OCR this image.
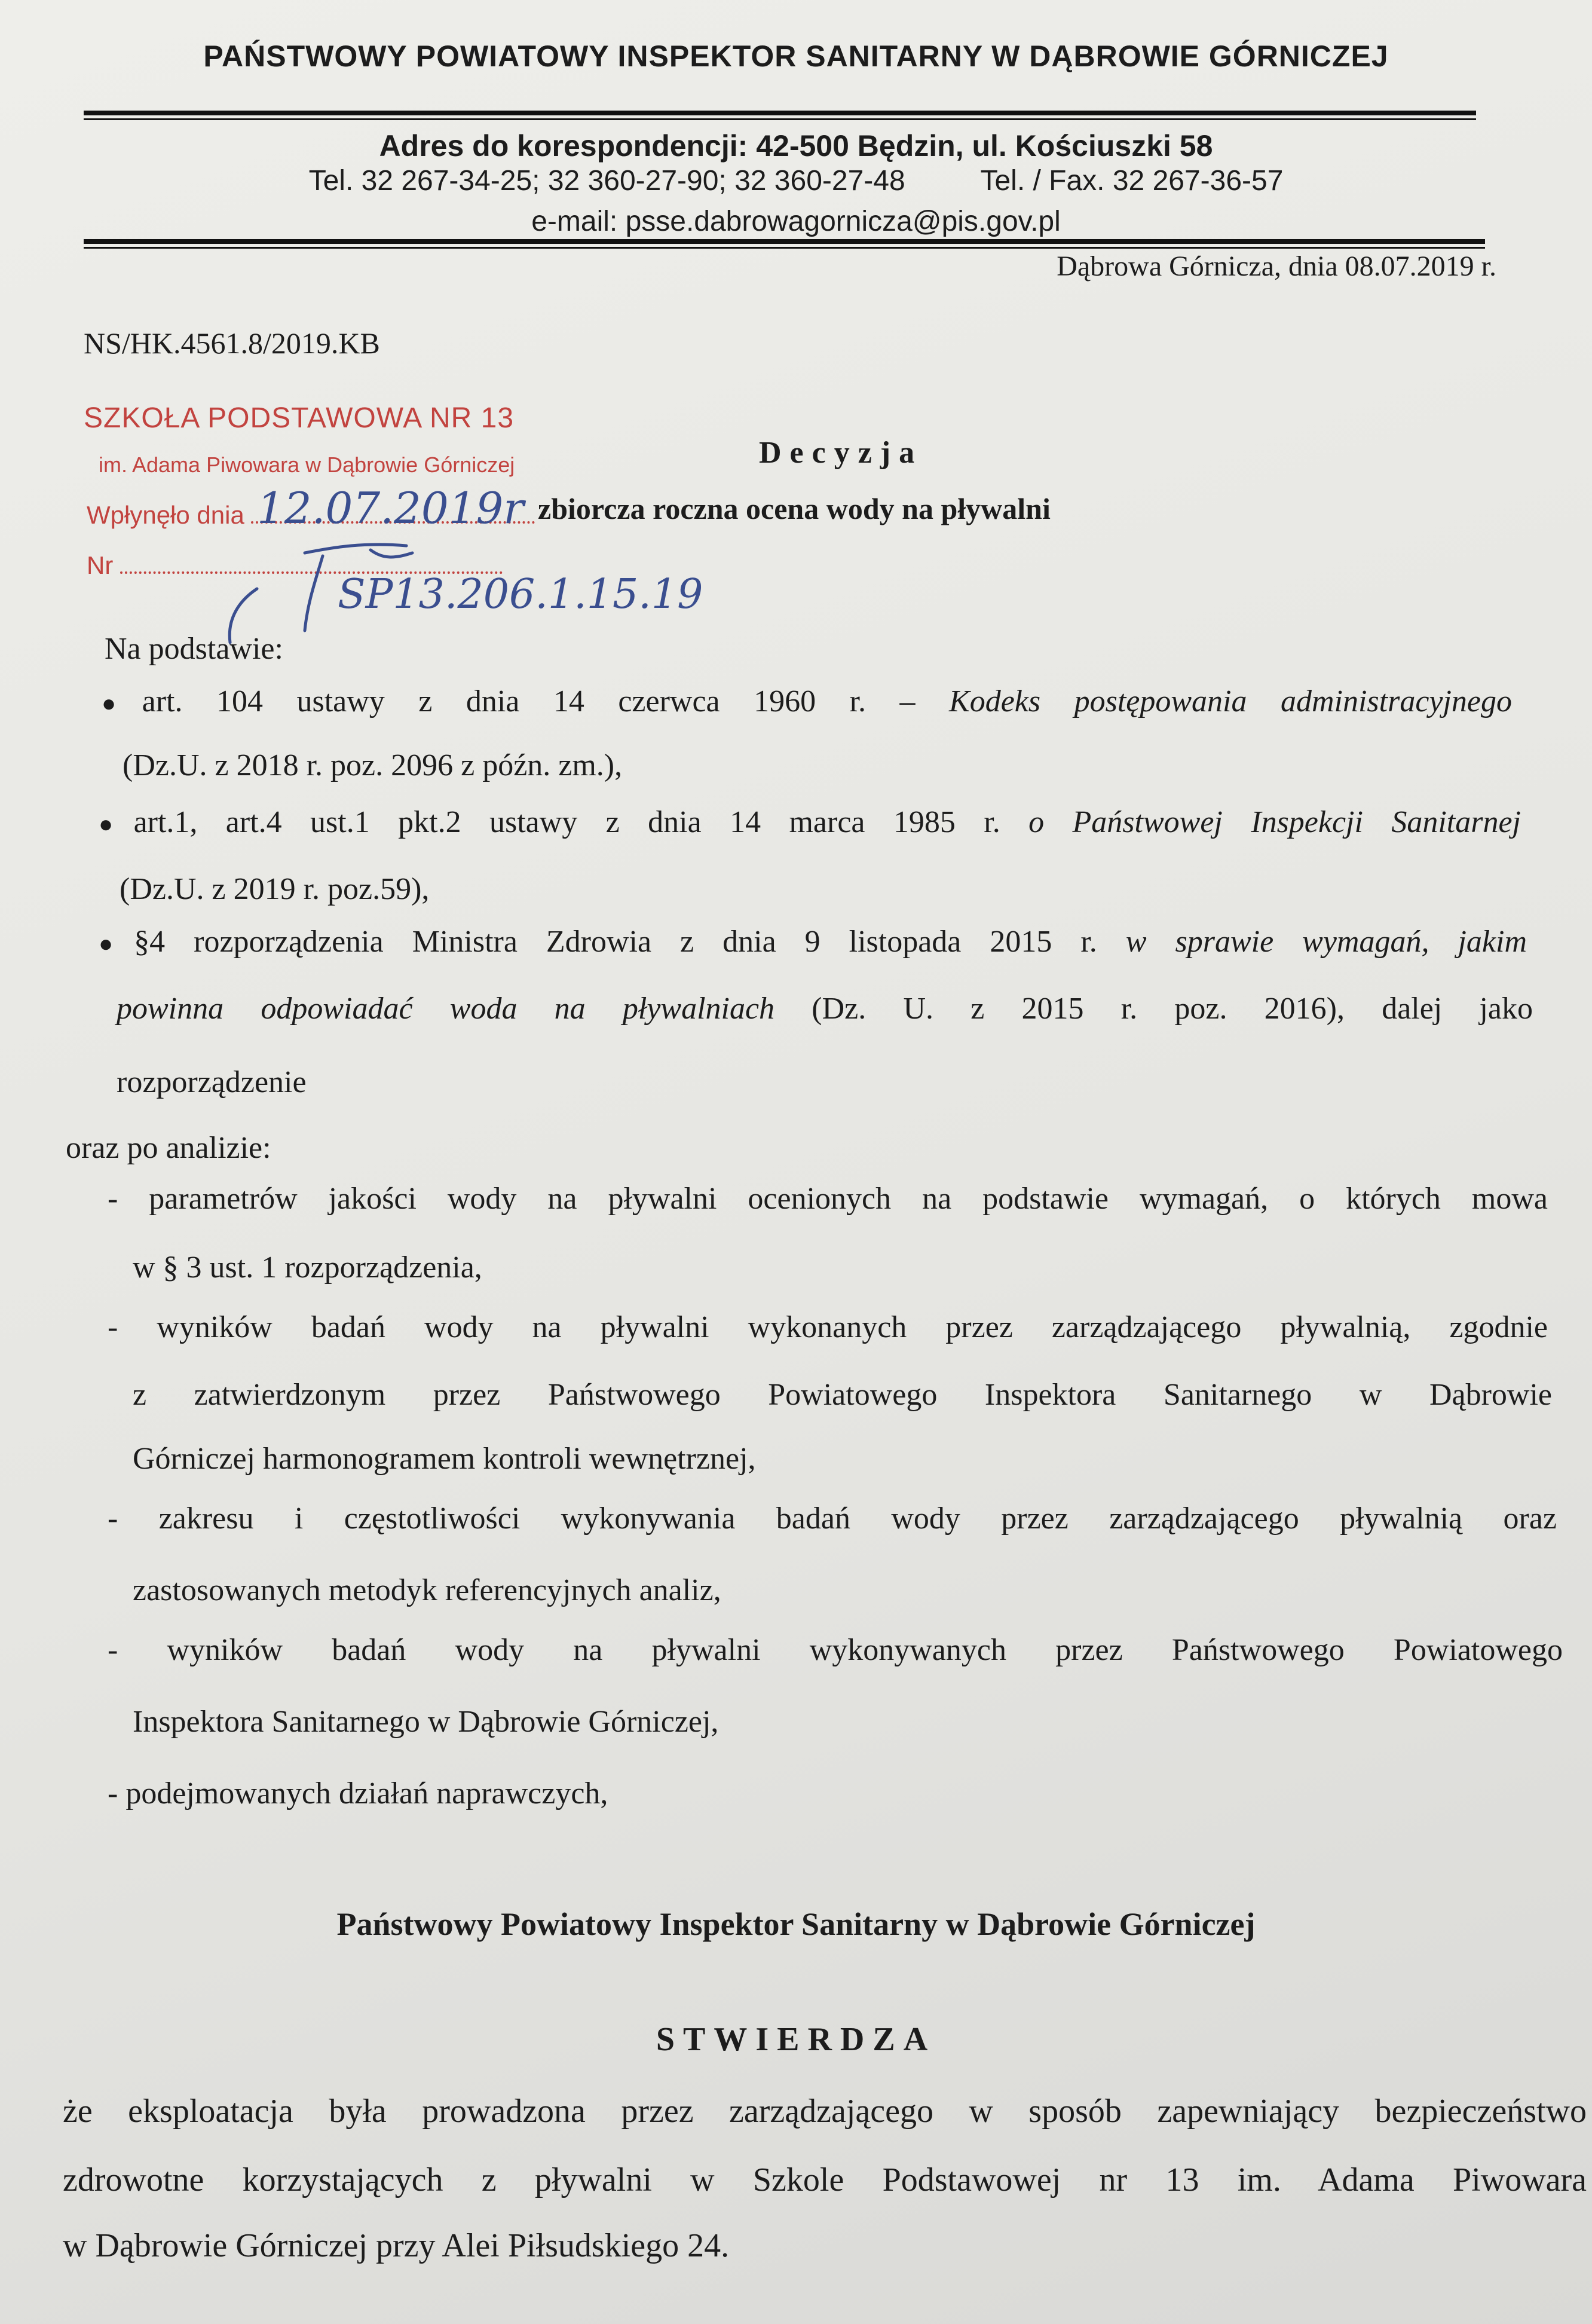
PAŃSTWOWY POWIATOWY INSPEKTOR SANITARNY W DĄBROWIE GÓRNICZEJ
Adres do korespondencji: 42-500 Będzin, ul. Kościuszki 58
Tel. 32 267-34-25; 32 360-27-90; 32 360-27-48	Tel. / Fax. 32 267-36-57
e-mail: psse.dabrowagornicza@pis.gov.pl
Dąbrowa Górnicza, dnia 08.07.2019 r.
NS/HK.4561.8/2019.KB
SZKOŁA PODSTAWOWA NR 13
im. Adama Piwowara w Dąbrowie Górniczej
Wpłynęło dnia
Nr
12.07.2019r
SP13.206.1.15.19
Decyzja
zbiorcza roczna ocena wody na pływalni
Na podstawie:
●art. 104 ustawy z dnia 14 czerwca 1960 r. – Kodeks postępowania administracyjnego
(Dz.U. z 2018 r. poz. 2096 z późn. zm.),
●art.1, art.4 ust.1 pkt.2 ustawy z dnia 14 marca 1985 r. o Państwowej Inspekcji Sanitarnej
(Dz.U. z 2019 r. poz.59),
●§4 rozporządzenia Ministra Zdrowia z dnia 9 listopada 2015 r. w sprawie wymagań, jakim
powinna odpowiadać woda na pływalniach (Dz. U. z 2015 r. poz. 2016), dalej jako
rozporządzenie
oraz po analizie:
- parametrów jakości wody na pływalni ocenionych na podstawie wymagań, o których mowa
w § 3 ust. 1 rozporządzenia,
- wyników badań wody na pływalni wykonanych przez zarządzającego pływalnią, zgodnie
z zatwierdzonym przez Państwowego Powiatowego Inspektora Sanitarnego w Dąbrowie
Górniczej harmonogramem kontroli wewnętrznej,
- zakresu i częstotliwości wykonywania badań wody przez zarządzającego pływalnią oraz
zastosowanych metodyk referencyjnych analiz,
- wyników badań wody na pływalni wykonywanych przez Państwowego Powiatowego
Inspektora Sanitarnego w Dąbrowie Górniczej,
- podejmowanych działań naprawczych,
Państwowy Powiatowy Inspektor Sanitarny w Dąbrowie Górniczej
STWIERDZA
że eksploatacja była prowadzona przez zarządzającego w sposób zapewniający bezpieczeństwo
zdrowotne korzystających z pływalni w Szkole Podstawowej nr 13 im. Adama Piwowara
w Dąbrowie Górniczej przy Alei Piłsudskiego 24.
